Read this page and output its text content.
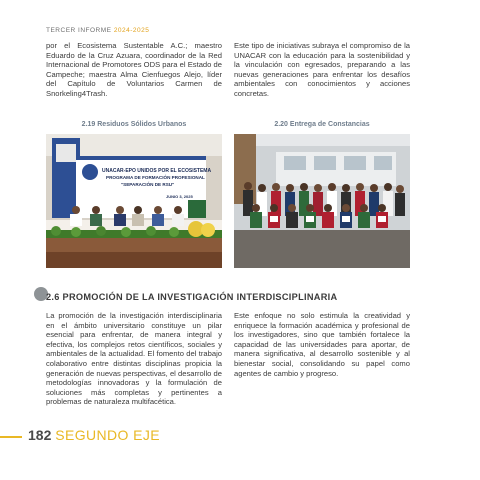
TERCER INFORME 2024-2025
por el Ecosistema Sustentable A.C.; maestro Eduardo de la Cruz Azuara, coordinador de la Red Internacional de Promotores ODS para el Estado de Campeche; maestra Alma Cienfuegos Alejo, líder del Capítulo de Voluntarios Carmen de Snorkeling4Trash.
Este tipo de iniciativas subraya el compromiso de la UNACAR con la educación para la sostenibilidad y la vinculación con egresados, preparando a las nuevas generaciones para enfrentar los desafíos ambientales con conocimientos y acciones concretas.
2.19 Residuos Sólidos Urbanos	2.20 Entrega de Constancias
UNACAR-EPO UNIDOS POR EL ECOSISTEMA
PROGRAMA DE FORMACIÓN PROFESIONAL
"SEPARACIÓN DE RSU"
JUNIO 3, 2025
2.6 PROMOCIÓN DE LA INVESTIGACIÓN INTERDISCIPLINARIA
La promoción de la investigación interdisciplinaria en el ámbito universitario constituye un pilar esencial para enfrentar, de manera integral y efectiva, los complejos retos científicos, sociales y ambientales de la actualidad. El fomento del trabajo colaborativo entre distintas disciplinas propicia la generación de nuevas perspectivas, el desarrollo de metodologías innovadoras y la formulación de soluciones más completas y pertinentes a problemas de naturaleza multifacética.
Este enfoque no solo estimula la creatividad y enriquece la formación académica y profesional de los investigadores, sino que también fortalece la capacidad de las universidades para aportar, de manera significativa, al desarrollo sostenible y al bienestar social, consolidando su papel como agentes de cambio y progreso.
182 SEGUNDO EJE
